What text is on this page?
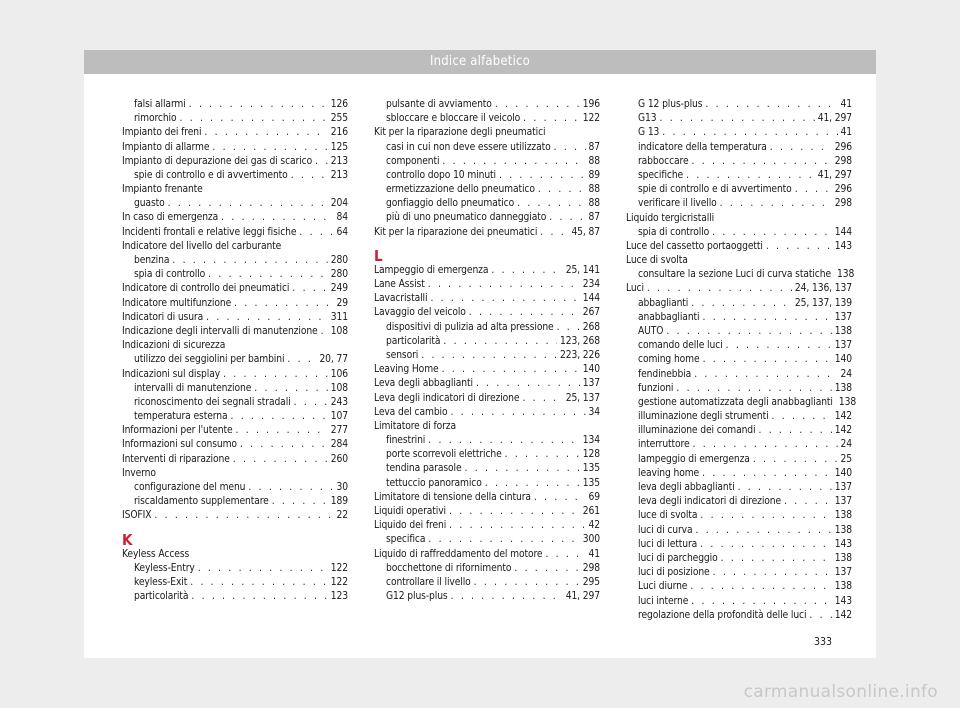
Indice alfabetico
falsi allarmi . . .	126
rimorchio . . .	255
Impianto dei freni . . .	216
Impianto di allarme . . .	125
Impianto di depurazione dei gas di scarico . . . 213
spie di controllo e di avvertimento . . .	213
Impianto frenante
guasto . . .	204
In caso di emergenza . . .	84
Incidenti frontali e relative leggi fisiche . . .	64
Indicatore del livello del carburante
benzina . . .	280
spia di controllo . . .	280
Indicatore di controllo dei pneumatici . . .	249
Indicatore multifunzione . . .	29
Indicatori di usura . . .	311
Indicazione degli intervalli di manutenzione . . . 108
Indicazioni di sicurezza
utilizzo dei seggiolini per bambini . . .	20, 77
Indicazioni sul display . . .	106
intervalli di manutenzione . . .	108
riconoscimento dei segnali stradali . . .	243
temperatura esterna . . .	107
Informazioni per l'utente . . .	277
Informazioni sul consumo . . .	284
Interventi di riparazione . . .	260
Inverno
configurazione del menu . . .	30
riscaldamento supplementare . . .	189
ISOFIX . . .	22
K
Keyless Access
Keyless-Entry . . .	122
keyless-Exit . . .	122
particolarità . . .	123
pulsante di avviamento . . .	196
sbloccare e bloccare il veicolo . . .	122
Kit per la riparazione degli pneumatici
casi in cui non deve essere utilizzato . . .	87
componenti . . .	88
controllo dopo 10 minuti . . .	89
ermetizzazione dello pneumatico . . .	88
gonfiaggio dello pneumatico . . .	88
più di uno pneumatico danneggiato . . .	87
Kit per la riparazione dei pneumatici . . .	45, 87
L
Lampeggio di emergenza . . .	25, 141
Lane Assist . . .	234
Lavacristalli . . .	144
Lavaggio del veicolo . . .	267
dispositivi di pulizia ad alta pressione . . .	268
particolarità . . .	123, 268
sensori . . .	223, 226
Leaving Home . . .	140
Leva degli abbaglianti . . .	137
Leva degli indicatori di direzione . . .	25, 137
Leva del cambio . . .	34
Limitatore di forza
finestrini . . .	134
porte scorrevoli elettriche . . .	128
tendina parasole . . .	135
tettuccio panoramico . . .	135
Limitatore di tensione della cintura . . .	69
Liquidi operativi . . .	261
Liquido dei freni . . .	42
specifica . . .	300
Liquido di raffreddamento del motore . . .	41
bocchettone di rifornimento . . .	298
controllare il livello . . .	295
G12 plus-plus . . .	41, 297
G 12 plus-plus . . .	41
G13 . . .	41, 297
G 13 . . .	41
indicatore della temperatura . . .	296
rabboccare . . .	298
specifiche . . .	41, 297
spie di controllo e di avvertimento . . .	296
verificare il livello . . .	298
Liquido tergicristalli
spia di controllo . . .	144
Luce del cassetto portaoggetti . . .	143
Luce di svolta
consultare la sezione Luci di curva statiche 138
Luci . . .	24, 136, 137
abbaglianti . . .	25, 137, 139
anabbaglianti . . .	137
AUTO . . .	138
comando delle luci . . .	137
coming home . . .	140
fendinebbia . . .	24
funzioni . . .	138
gestione automatizzata degli anabbaglianti 138
illuminazione degli strumenti . . .	142
illuminazione dei comandi . . .	142
interruttore . . .	24
lampeggio di emergenza . . .	25
leaving home . . .	140
leva degli abbaglianti . . .	137
leva degli indicatori di direzione . . .	137
luce di svolta . . .	138
luci di curva . . .	138
luci di lettura . . .	143
luci di parcheggio . . .	138
luci di posizione . . .	137
Luci diurne . . .	138
luci interne . . .	143
regolazione della profondità delle luci . . .	142
333
carmanualsonline.info
